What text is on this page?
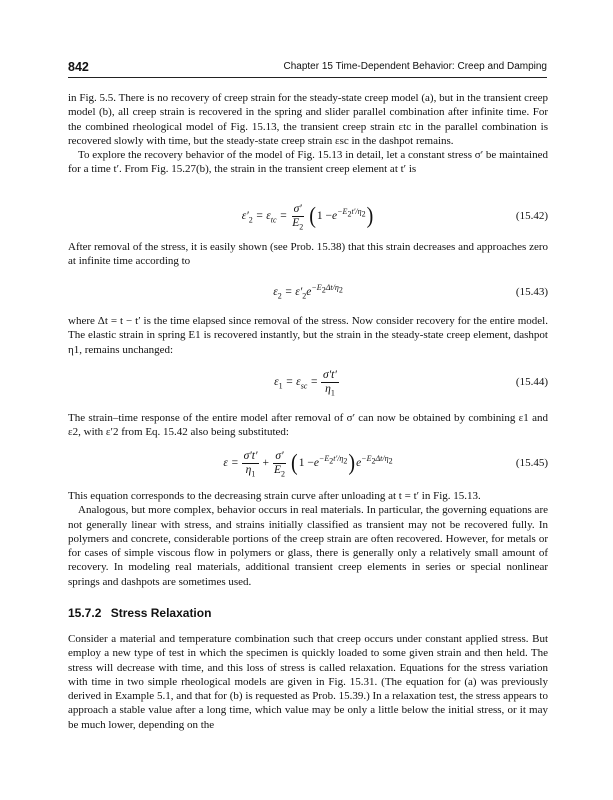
842	Chapter 15 Time-Dependent Behavior: Creep and Damping

in Fig. 5.5. There is no recovery of creep strain for the steady-state creep model (a), but in the transient creep model (b), all creep strain is recovered in the spring and slider parallel combination after infinite time. For the combined rheological model of Fig. 15.13, the transient creep strain εtc in the parallel combination is recovered slowly with time, but the steady-state creep strain εsc in the dashpot remains.

To explore the recovery behavior of the model of Fig. 15.13 in detail, let a constant stress σ′ be maintained for a time t′. From Fig. 15.27(b), the strain in the transient creep element at t′ is

$\varepsilon'_2 = \varepsilon_{tc} = \frac{\sigma'}{E_2}$ ( $1 - e^{-E_2t'/\eta_2}$ )	(15.42)

After removal of the stress, it is easily shown (see Prob. 15.38) that this strain decreases and approaches zero at infinite time according to

$\varepsilon_2 = \varepsilon'_2e^{-E_2\Delta t/\eta_2}$	(15.43)

where Δt = t − t′ is the time elapsed since removal of the stress. Now consider recovery for the entire model. The elastic strain in spring E1 is recovered instantly, but the strain in the steady-state creep element, dashpot η1, remains unchanged:

$\varepsilon_1 = \varepsilon_{sc} = \frac{\sigma't'}{\eta_1}$	(15.44)

The strain–time response of the entire model after removal of σ′ can now be obtained by combining ε1 and ε2, with ε′2 from Eq. 15.42 also being substituted:

$\varepsilon = \frac{\sigma't'}{\eta_1} + \frac{\sigma'}{E_2}$ ( $1 - e^{-E_2t'/\eta_2}$ ) $e^{-E_2\Delta t/\eta_2}$	(15.45)

This equation corresponds to the decreasing strain curve after unloading at t = t′ in Fig. 15.13.

Analogous, but more complex, behavior occurs in real materials. In particular, the governing equations are not generally linear with stress, and strains initially classified as transient may not be recovered fully. In polymers and concrete, considerable portions of the creep strain are often recovered. However, for metals or for cases of simple viscous flow in polymers or glass, there is generally only a relatively small amount of recovery. In modeling real materials, additional transient creep elements in series or special nonlinear springs and dashpots are sometimes used.

15.7.2 Stress Relaxation

Consider a material and temperature combination such that creep occurs under constant applied stress. But employ a new type of test in which the specimen is quickly loaded to some given strain and then held. The stress will decrease with time, and this loss of stress is called relaxation. Equations for the stress variation with time in two simple rheological models are given in Fig. 15.31. (The equation for (a) was previously derived in Example 5.1, and that for (b) is requested as Prob. 15.39.) In a relaxation test, the stress appears to approach a stable value after a long time, which value may be only a little below the initial stress, or it may be much lower, depending on the
